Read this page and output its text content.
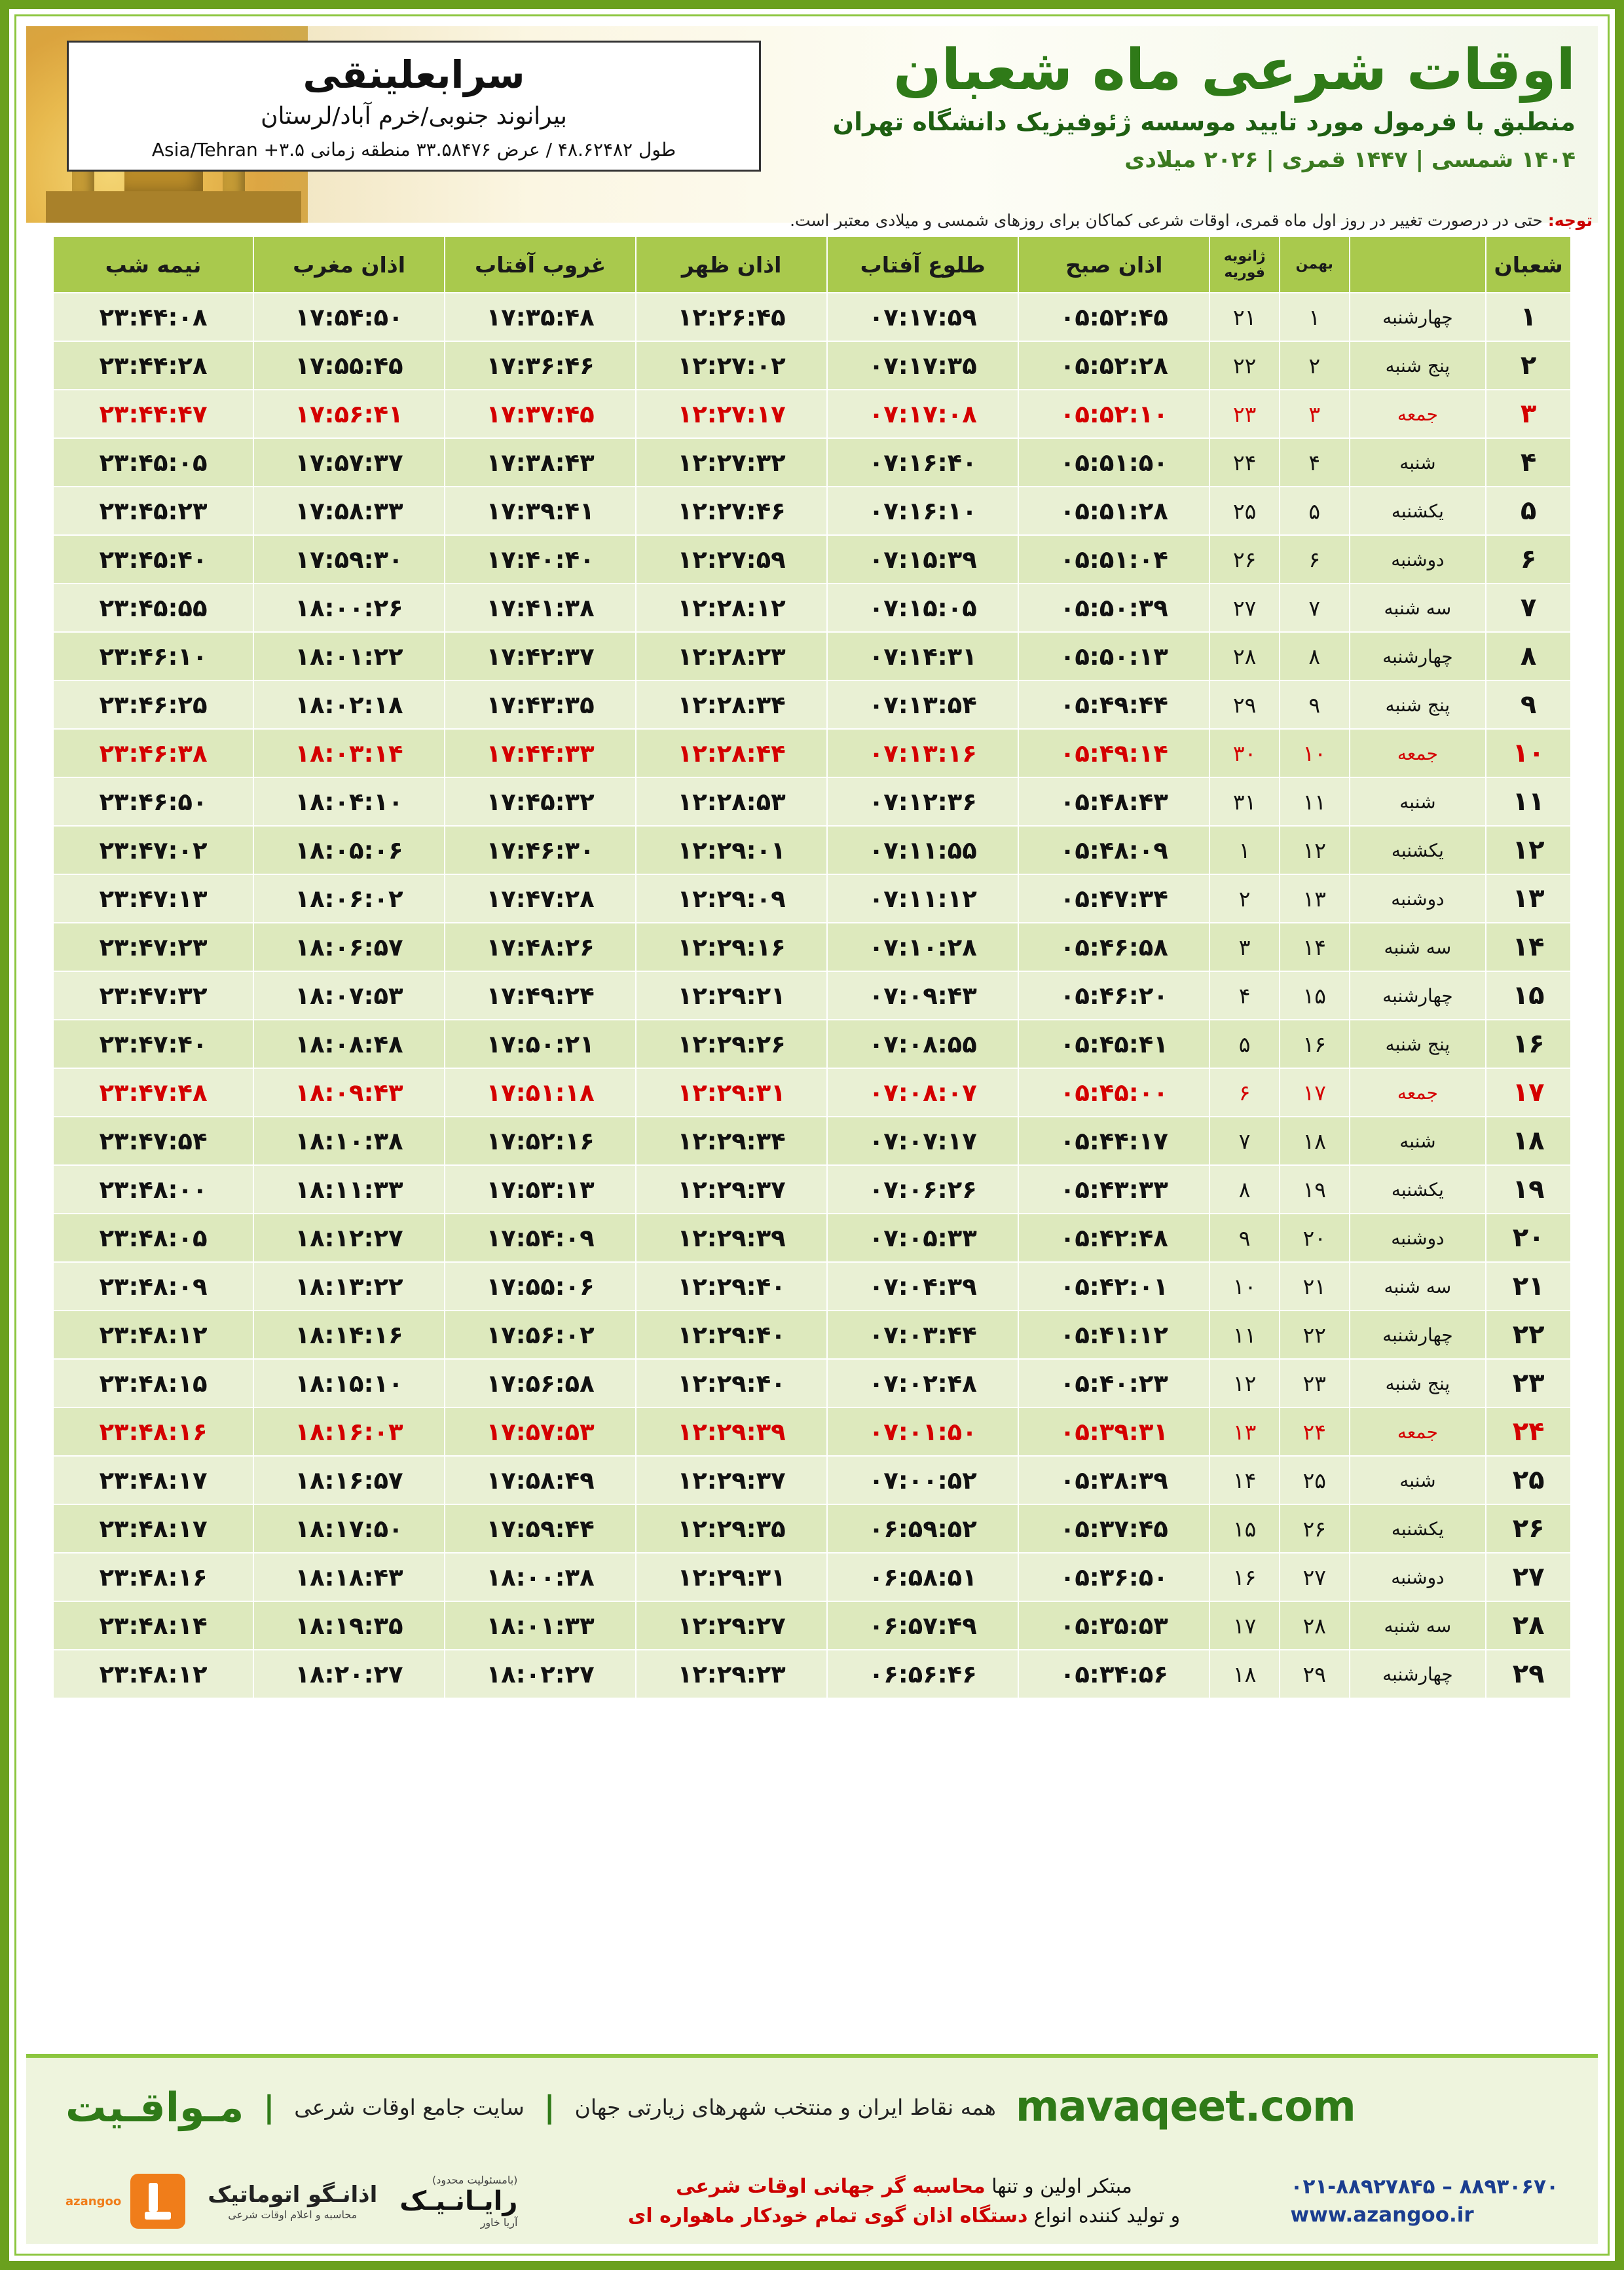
اوقات شرعی ماه شعبان
منطبق با فرمول مورد تایید موسسه ژئوفیزیک دانشگاه تهران
۱۴۰۴ شمسی | ۱۴۴۷ قمری | ۲۰۲۶ میلادی
سرابعلینقی
بیرانوند جنوبی/خرم آباد/لرستان
طول ۴۸.۶۲۴۸۲ / عرض ۳۳.۵۸۴۷۶ منطقه زمانی ۳.۵+ Asia/Tehran
توجه: حتی در درصورت تغییر در روز اول ماه قمری، اوقات شرعی کماکان برای روزهای شمسی و میلادی معتبر است.
شعبان		بهمن	ژانویه
فوریه	اذان صبح	طلوع آفتاب	اذان ظهر	غروب آفتاب	اذان مغرب	نیمه شب
۱	چهارشنبه	۱	۲۱	۰۵:۵۲:۴۵	۰۷:۱۷:۵۹	۱۲:۲۶:۴۵	۱۷:۳۵:۴۸	۱۷:۵۴:۵۰	۲۳:۴۴:۰۸
۲	پنج شنبه	۲	۲۲	۰۵:۵۲:۲۸	۰۷:۱۷:۳۵	۱۲:۲۷:۰۲	۱۷:۳۶:۴۶	۱۷:۵۵:۴۵	۲۳:۴۴:۲۸
۳	جمعه	۳	۲۳	۰۵:۵۲:۱۰	۰۷:۱۷:۰۸	۱۲:۲۷:۱۷	۱۷:۳۷:۴۵	۱۷:۵۶:۴۱	۲۳:۴۴:۴۷
۴	شنبه	۴	۲۴	۰۵:۵۱:۵۰	۰۷:۱۶:۴۰	۱۲:۲۷:۳۲	۱۷:۳۸:۴۳	۱۷:۵۷:۳۷	۲۳:۴۵:۰۵
۵	یکشنبه	۵	۲۵	۰۵:۵۱:۲۸	۰۷:۱۶:۱۰	۱۲:۲۷:۴۶	۱۷:۳۹:۴۱	۱۷:۵۸:۳۳	۲۳:۴۵:۲۳
۶	دوشنبه	۶	۲۶	۰۵:۵۱:۰۴	۰۷:۱۵:۳۹	۱۲:۲۷:۵۹	۱۷:۴۰:۴۰	۱۷:۵۹:۳۰	۲۳:۴۵:۴۰
۷	سه شنبه	۷	۲۷	۰۵:۵۰:۳۹	۰۷:۱۵:۰۵	۱۲:۲۸:۱۲	۱۷:۴۱:۳۸	۱۸:۰۰:۲۶	۲۳:۴۵:۵۵
۸	چهارشنبه	۸	۲۸	۰۵:۵۰:۱۳	۰۷:۱۴:۳۱	۱۲:۲۸:۲۳	۱۷:۴۲:۳۷	۱۸:۰۱:۲۲	۲۳:۴۶:۱۰
۹	پنج شنبه	۹	۲۹	۰۵:۴۹:۴۴	۰۷:۱۳:۵۴	۱۲:۲۸:۳۴	۱۷:۴۳:۳۵	۱۸:۰۲:۱۸	۲۳:۴۶:۲۵
۱۰	جمعه	۱۰	۳۰	۰۵:۴۹:۱۴	۰۷:۱۳:۱۶	۱۲:۲۸:۴۴	۱۷:۴۴:۳۳	۱۸:۰۳:۱۴	۲۳:۴۶:۳۸
۱۱	شنبه	۱۱	۳۱	۰۵:۴۸:۴۳	۰۷:۱۲:۳۶	۱۲:۲۸:۵۳	۱۷:۴۵:۳۲	۱۸:۰۴:۱۰	۲۳:۴۶:۵۰
۱۲	یکشنبه	۱۲	۱	۰۵:۴۸:۰۹	۰۷:۱۱:۵۵	۱۲:۲۹:۰۱	۱۷:۴۶:۳۰	۱۸:۰۵:۰۶	۲۳:۴۷:۰۲
۱۳	دوشنبه	۱۳	۲	۰۵:۴۷:۳۴	۰۷:۱۱:۱۲	۱۲:۲۹:۰۹	۱۷:۴۷:۲۸	۱۸:۰۶:۰۲	۲۳:۴۷:۱۳
۱۴	سه شنبه	۱۴	۳	۰۵:۴۶:۵۸	۰۷:۱۰:۲۸	۱۲:۲۹:۱۶	۱۷:۴۸:۲۶	۱۸:۰۶:۵۷	۲۳:۴۷:۲۳
۱۵	چهارشنبه	۱۵	۴	۰۵:۴۶:۲۰	۰۷:۰۹:۴۳	۱۲:۲۹:۲۱	۱۷:۴۹:۲۴	۱۸:۰۷:۵۳	۲۳:۴۷:۳۲
۱۶	پنج شنبه	۱۶	۵	۰۵:۴۵:۴۱	۰۷:۰۸:۵۵	۱۲:۲۹:۲۶	۱۷:۵۰:۲۱	۱۸:۰۸:۴۸	۲۳:۴۷:۴۰
۱۷	جمعه	۱۷	۶	۰۵:۴۵:۰۰	۰۷:۰۸:۰۷	۱۲:۲۹:۳۱	۱۷:۵۱:۱۸	۱۸:۰۹:۴۳	۲۳:۴۷:۴۸
۱۸	شنبه	۱۸	۷	۰۵:۴۴:۱۷	۰۷:۰۷:۱۷	۱۲:۲۹:۳۴	۱۷:۵۲:۱۶	۱۸:۱۰:۳۸	۲۳:۴۷:۵۴
۱۹	یکشنبه	۱۹	۸	۰۵:۴۳:۳۳	۰۷:۰۶:۲۶	۱۲:۲۹:۳۷	۱۷:۵۳:۱۳	۱۸:۱۱:۳۳	۲۳:۴۸:۰۰
۲۰	دوشنبه	۲۰	۹	۰۵:۴۲:۴۸	۰۷:۰۵:۳۳	۱۲:۲۹:۳۹	۱۷:۵۴:۰۹	۱۸:۱۲:۲۷	۲۳:۴۸:۰۵
۲۱	سه شنبه	۲۱	۱۰	۰۵:۴۲:۰۱	۰۷:۰۴:۳۹	۱۲:۲۹:۴۰	۱۷:۵۵:۰۶	۱۸:۱۳:۲۲	۲۳:۴۸:۰۹
۲۲	چهارشنبه	۲۲	۱۱	۰۵:۴۱:۱۲	۰۷:۰۳:۴۴	۱۲:۲۹:۴۰	۱۷:۵۶:۰۲	۱۸:۱۴:۱۶	۲۳:۴۸:۱۲
۲۳	پنج شنبه	۲۳	۱۲	۰۵:۴۰:۲۳	۰۷:۰۲:۴۸	۱۲:۲۹:۴۰	۱۷:۵۶:۵۸	۱۸:۱۵:۱۰	۲۳:۴۸:۱۵
۲۴	جمعه	۲۴	۱۳	۰۵:۳۹:۳۱	۰۷:۰۱:۵۰	۱۲:۲۹:۳۹	۱۷:۵۷:۵۳	۱۸:۱۶:۰۳	۲۳:۴۸:۱۶
۲۵	شنبه	۲۵	۱۴	۰۵:۳۸:۳۹	۰۷:۰۰:۵۲	۱۲:۲۹:۳۷	۱۷:۵۸:۴۹	۱۸:۱۶:۵۷	۲۳:۴۸:۱۷
۲۶	یکشنبه	۲۶	۱۵	۰۵:۳۷:۴۵	۰۶:۵۹:۵۲	۱۲:۲۹:۳۵	۱۷:۵۹:۴۴	۱۸:۱۷:۵۰	۲۳:۴۸:۱۷
۲۷	دوشنبه	۲۷	۱۶	۰۵:۳۶:۵۰	۰۶:۵۸:۵۱	۱۲:۲۹:۳۱	۱۸:۰۰:۳۸	۱۸:۱۸:۴۳	۲۳:۴۸:۱۶
۲۸	سه شنبه	۲۸	۱۷	۰۵:۳۵:۵۳	۰۶:۵۷:۴۹	۱۲:۲۹:۲۷	۱۸:۰۱:۳۳	۱۸:۱۹:۳۵	۲۳:۴۸:۱۴
۲۹	چهارشنبه	۲۹	۱۸	۰۵:۳۴:۵۶	۰۶:۵۶:۴۶	۱۲:۲۹:۲۳	۱۸:۰۲:۲۷	۱۸:۲۰:۲۷	۲۳:۴۸:۱۲
mavaqeet.com
همه نقاط ایران و منتخب شهرهای زیارتی جهان
|
سایت جامع اوقات شرعی
|
مـواقـیت
۰۲۱-۸۸۹۲۷۸۴۵ – ۸۸۹۳۰۶۷۰
www.azangoo.ir
مبتکر اولین و تنها محاسبه گر جهانی اوقات شرعی
و تولید کننده انواع دستگاه اذان گوی تمام خودکار ماهواره ای
(بامسئولیت محدود)
رایـانـیـک
آریا خاور
اذانـگو اتوماتیک
محاسبه و اعلام اوقات شرعی
azangoo
